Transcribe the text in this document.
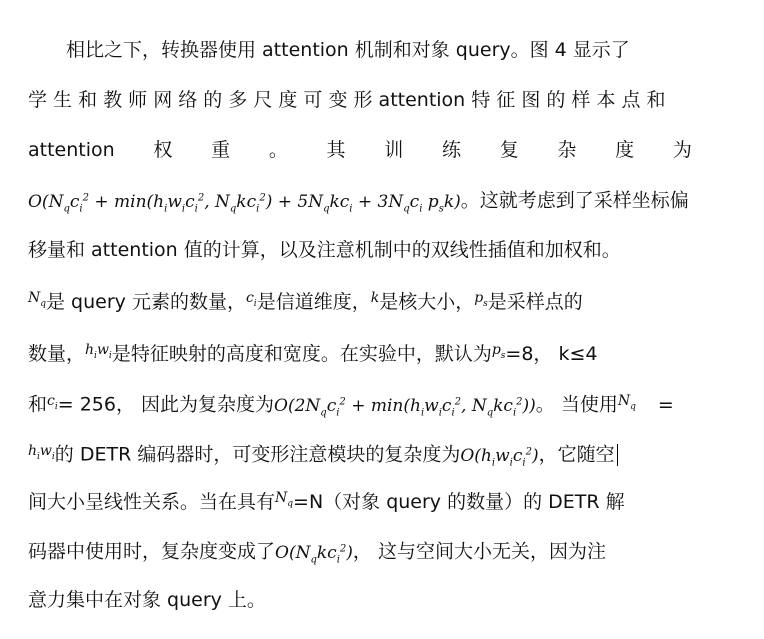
相比之下，转换器使用 attention 机制和对象 query。图 4 显示了
学 生 和 教 师 网 络 的 多 尺 度 可 变 形 attention 特 征 图 的 样 本 点 和
attention 权 重 。 其 训 练 复 杂 度 为
$O(N_qc_i^2 + \min(h_iw_ic_i^2$, $N_qkc_i^2) + 5N_qkc_i + 3N_qc_i$ $p_sk$)。这就考虑到了采样坐标偏
移量和 attention 值的计算，以及注意机制中的双线性插值和加权和。
$^{N_q}$是 query 元素的数量，$^{c_i}$是信道维度，$^k$是核大小，$^{p_s}$是采样点的
数量，$^{h_iw_i}$是特征映射的高度和宽度。在实验中，默认为$^{p_s}$=8， k≤4
和$^{c_i}$= 256， 因此为复杂度为$O(2N_qc_i^2 + \min(h_iw_ic_i^2$, $N_qkc_i^2$))。 当使用$^{N_q}$ =
$^{h_iw_i}$的 DETR 编码器时，可变形注意模块的复杂度为$O(h_iw_ic_i^2)$，它随空
间大小呈线性关系。当在具有$^{N_q}$=N（对象 query 的数量）的 DETR 解
码器中使用时，复杂度变成了$O(N_qkc_i^2)$， 这与空间大小无关，因为注
意力集中在对象 query 上。
